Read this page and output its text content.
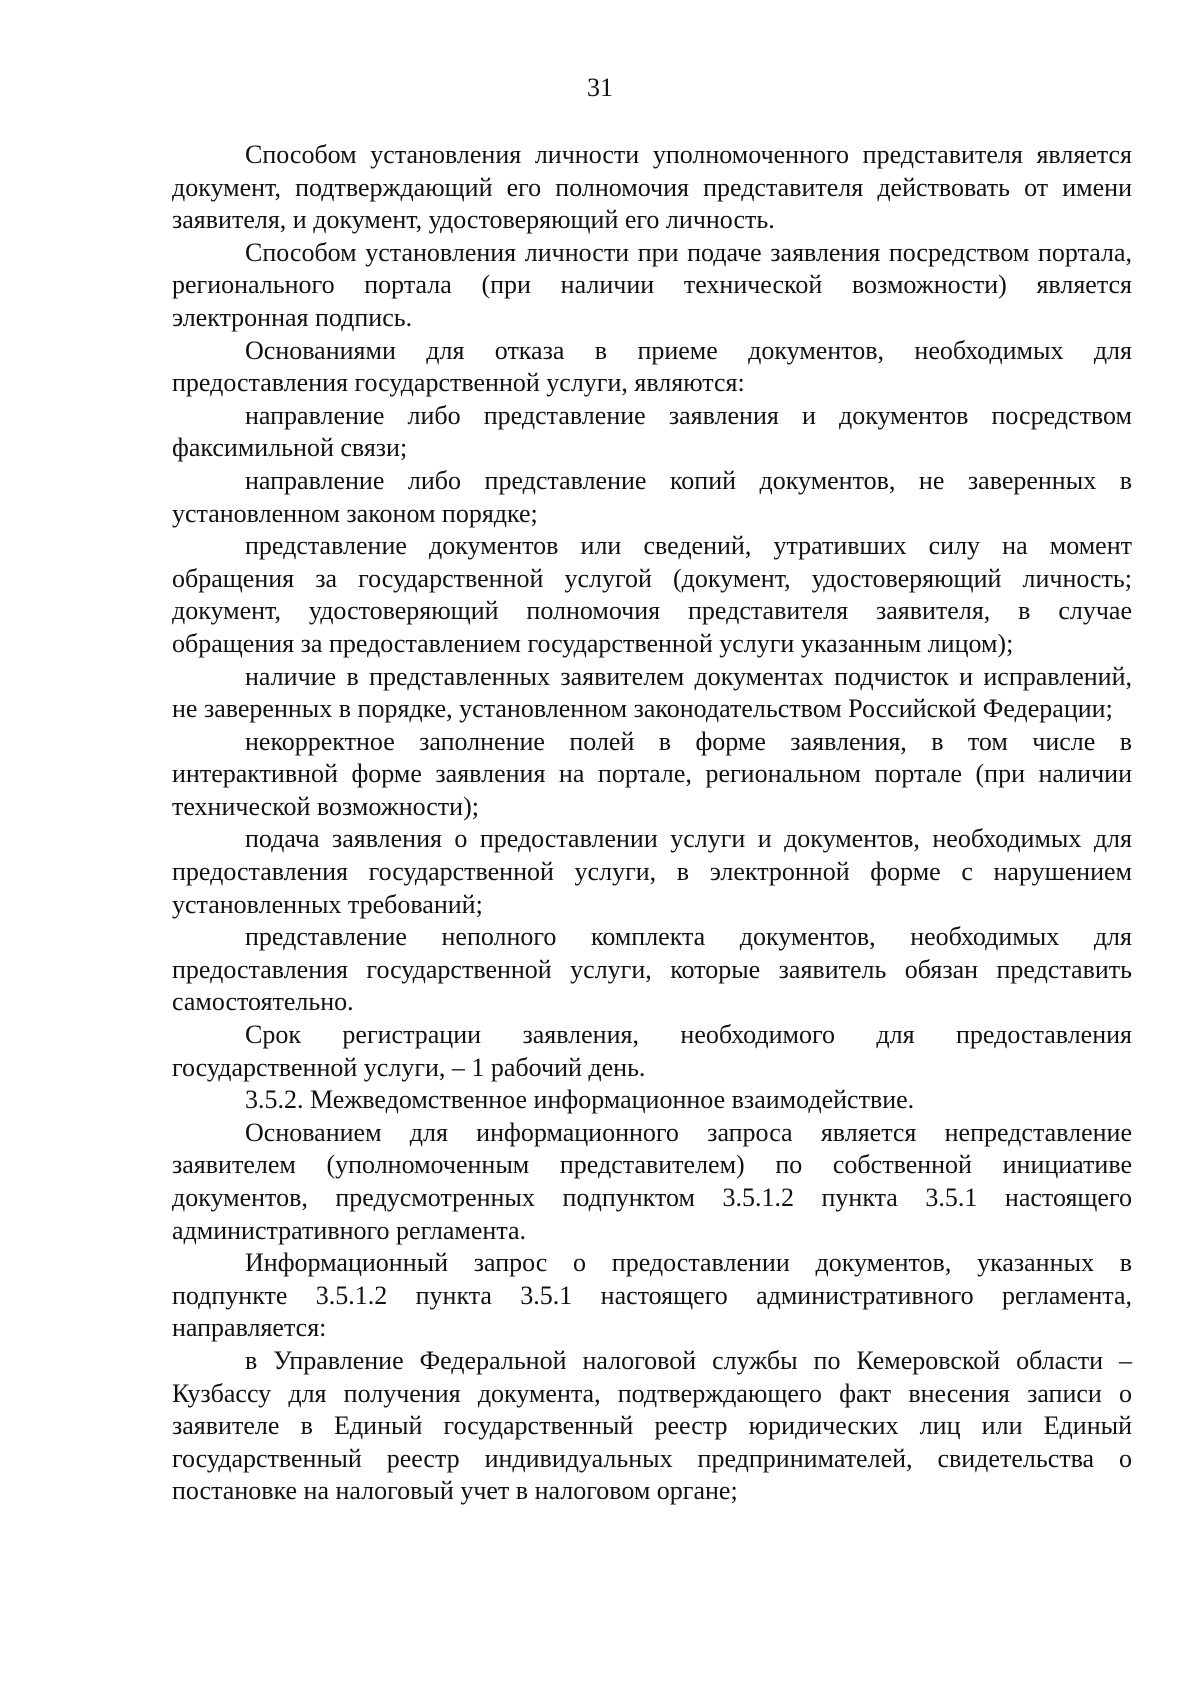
31

Способом установления личности уполномоченного представителя является документ, подтверждающий его полномочия представителя действовать от имени заявителя, и документ, удостоверяющий его личность.

Способом установления личности при подаче заявления посредством портала, регионального портала (при наличии технической возможности) является электронная подпись.

Основаниями для отказа в приеме документов, необходимых для предоставления государственной услуги, являются:

направление либо представление заявления и документов посредством факсимильной связи;

направление либо представление копий документов, не заверенных в установленном законом порядке;

представление документов или сведений, утративших силу на момент обращения за государственной услугой (документ, удостоверяющий личность; документ, удостоверяющий полномочия представителя заявителя, в случае обращения за предоставлением государственной услуги указанным лицом);

наличие в представленных заявителем документах подчисток и исправлений, не заверенных в порядке, установленном законодательством Российской Федерации;

некорректное заполнение полей в форме заявления, в том числе в интерактивной форме заявления на портале, региональном портале (при наличии технической возможности);

подача заявления о предоставлении услуги и документов, необходимых для предоставления государственной услуги, в электронной форме с нарушением установленных требований;

представление неполного комплекта документов, необходимых для предоставления государственной услуги, которые заявитель обязан представить самостоятельно.

Срок регистрации заявления, необходимого для предоставления государственной услуги, – 1 рабочий день.

3.5.2. Межведомственное информационное взаимодействие.

Основанием для информационного запроса является непредставление заявителем (уполномоченным представителем) по собственной инициативе документов, предусмотренных подпунктом 3.5.1.2 пункта 3.5.1 настоящего административного регламента.

Информационный запрос о предоставлении документов, указанных в подпункте 3.5.1.2 пункта 3.5.1 настоящего административного регламента, направляется:

в Управление Федеральной налоговой службы по Кемеровской области – Кузбассу для получения документа, подтверждающего факт внесения записи о заявителе в Единый государственный реестр юридических лиц или Единый государственный реестр индивидуальных предпринимателей, свидетельства о постановке на налоговый учет в налоговом органе;
